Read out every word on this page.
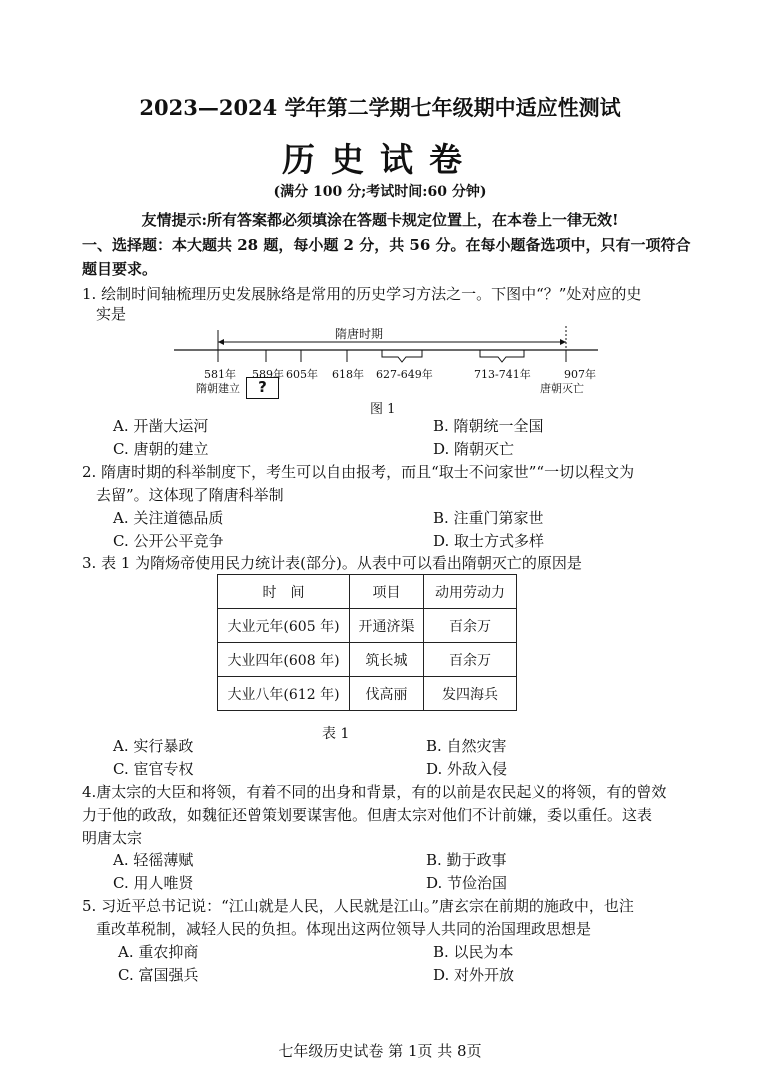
2023—2024 学年第二学期七年级期中适应性测试
历史试卷
(满分 100 分;考试时间:60 分钟)
友情提示:所有答案都必须填涂在答题卡规定位置上，在本卷上一律无效!
一、选择题：本大题共 28 题，每小题 2 分，共 56 分。在每小题备选项中，只有一项符合
题目要求。
1. 绘制时间轴梳理历史发展脉络是常用的历史学习方法之一。下图中“？”处对应的史
实是
隋唐时期
581年 589年 605年 618年 627-649年	713-741年	907年
隋朝建立	唐朝灭亡
?
图 1
A. 开凿大运河	B. 隋朝统一全国
C. 唐朝的建立	D. 隋朝灭亡
2. 隋唐时期的科举制度下，考生可以自由报考，而且“取士不问家世”“一切以程文为
去留”。这体现了隋唐科举制
A. 关注道德品质	B. 注重门第家世
C. 公开公平竞争	D. 取士方式多样
3. 表 1 为隋炀帝使用民力统计表(部分)。从表中可以看出隋朝灭亡的原因是
时　间	项目	动用劳动力
大业元年(605 年)	开通济渠	百余万
大业四年(608 年)	筑长城	百余万
大业八年(612 年)	伐高丽	发四海兵
表 1
A. 实行暴政	B. 自然灾害
C. 宦官专权	D. 外敌入侵
4.唐太宗的大臣和将领，有着不同的出身和背景，有的以前是农民起义的将领，有的曾效
力于他的政敌，如魏征还曾策划要谋害他。但唐太宗对他们不计前嫌，委以重任。这表
明唐太宗
A. 轻徭薄赋	B. 勤于政事
C. 用人唯贤	D. 节俭治国
5. 习近平总书记说：“江山就是人民，人民就是江山。”唐玄宗在前期的施政中，也注
重改革税制，减轻人民的负担。体现出这两位领导人共同的治国理政思想是
A. 重农抑商	B. 以民为本
C. 富国强兵	D. 对外开放
七年级历史试卷 第 1页 共 8页
